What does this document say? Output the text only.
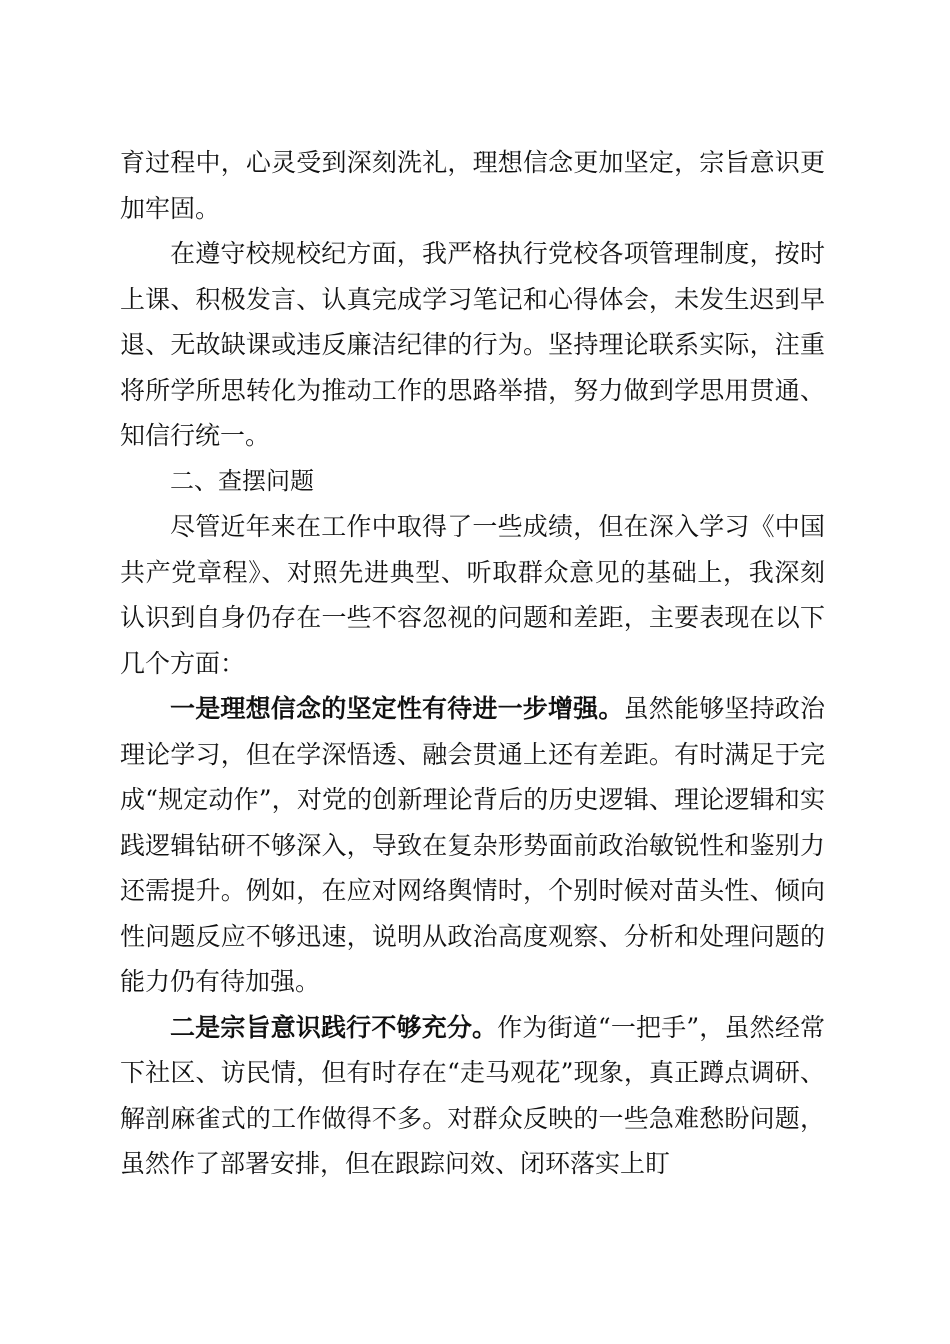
育过程中，心灵受到深刻洗礼，理想信念更加坚定，宗旨意识更加牢固。

在遵守校规校纪方面，我严格执行党校各项管理制度，按时上课、积极发言、认真完成学习笔记和心得体会，未发生迟到早退、无故缺课或违反廉洁纪律的行为。坚持理论联系实际，注重将所学所思转化为推动工作的思路举措，努力做到学思用贯通、知信行统一。

二、查摆问题

尽管近年来在工作中取得了一些成绩，但在深入学习《中国共产党章程》、对照先进典型、听取群众意见的基础上，我深刻认识到自身仍存在一些不容忽视的问题和差距，主要表现在以下几个方面：

一是理想信念的坚定性有待进一步增强。虽然能够坚持政治理论学习，但在学深悟透、融会贯通上还有差距。有时满足于完成“规定动作”，对党的创新理论背后的历史逻辑、理论逻辑和实践逻辑钻研不够深入，导致在复杂形势面前政治敏锐性和鉴别力还需提升。例如，在应对网络舆情时，个别时候对苗头性、倾向性问题反应不够迅速，说明从政治高度观察、分析和处理问题的能力仍有待加强。

二是宗旨意识践行不够充分。作为街道“一把手”，虽然经常下社区、访民情，但有时存在“走马观花”现象，真正蹲点调研、解剖麻雀式的工作做得不多。对群众反映的一些急难愁盼问题，虽然作了部署安排，但在跟踪问效、闭环落实上盯
